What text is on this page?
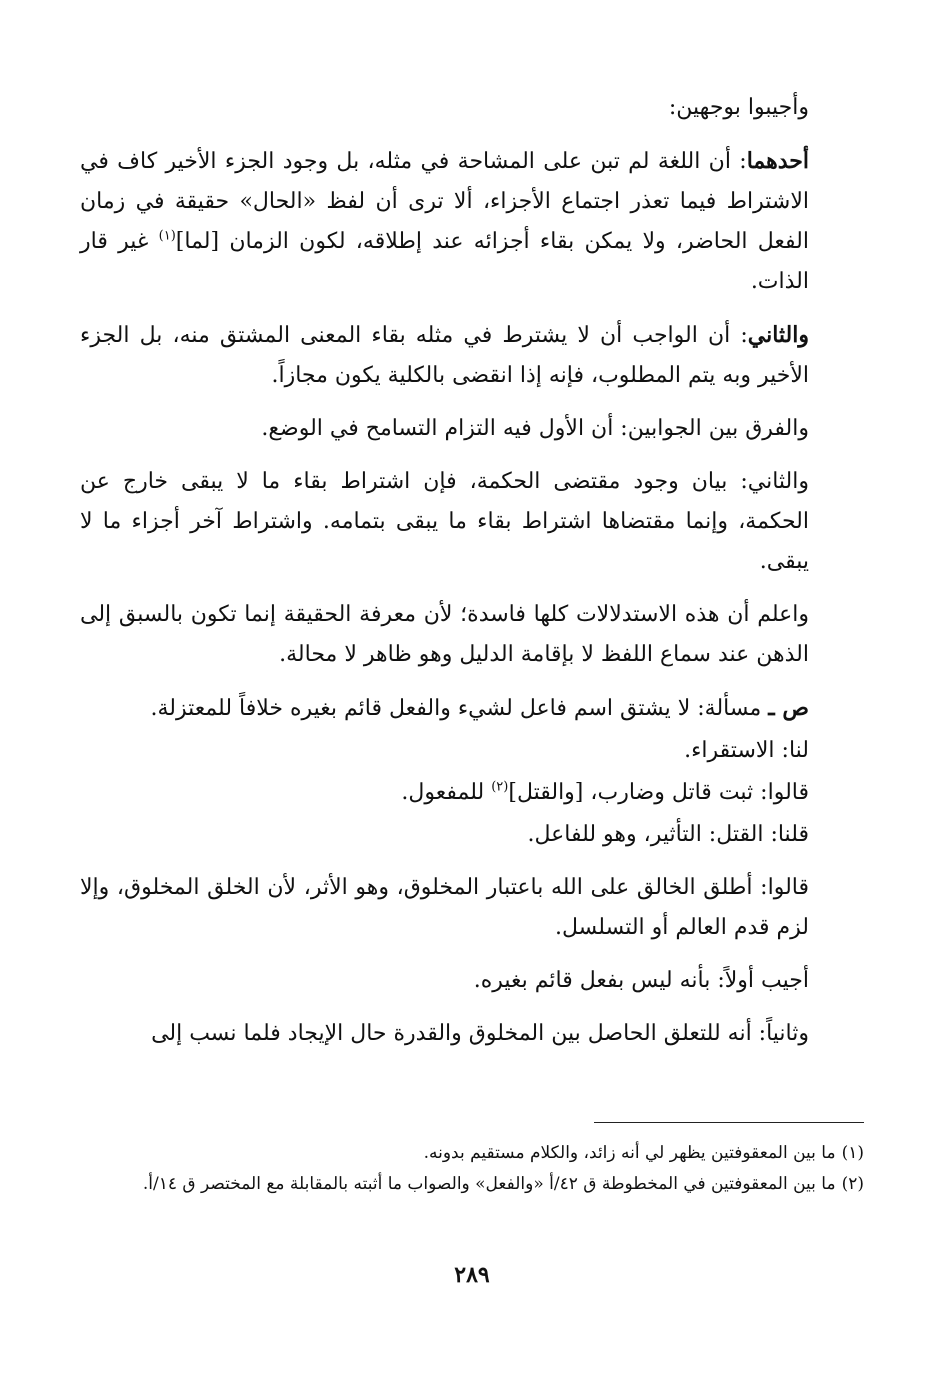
وأجيبوا بوجهين:

أحدهما: أن اللغة لم تبن على المشاحة في مثله، بل وجود الجزء الأخير كاف في الاشتراط فيما تعذر اجتماع الأجزاء، ألا ترى أن لفظ «الحال» حقيقة في زمان الفعل الحاضر، ولا يمكن بقاء أجزائه عند إطلاقه، لكون الزمان [لما]$^{(١)}$ غير قار الذات.

والثاني: أن الواجب أن لا يشترط في مثله بقاء المعنى المشتق منه، بل الجزء الأخير وبه يتم المطلوب، فإنه إذا انقضى بالكلية يكون مجازاً.

والفرق بين الجوابين: أن الأول فيه التزام التسامح في الوضع.

والثاني: بيان وجود مقتضى الحكمة، فإن اشتراط بقاء ما لا يبقى خارج عن الحكمة، وإنما مقتضاها اشتراط بقاء ما يبقى بتمامه. واشتراط آخر أجزاء ما لا يبقى.

واعلم أن هذه الاستدلالات كلها فاسدة؛ لأن معرفة الحقيقة إنما تكون بالسبق إلى الذهن عند سماع اللفظ لا بإقامة الدليل وهو ظاهر لا محالة.

ص ـ مسألة: لا يشتق اسم فاعل لشيء والفعل قائم بغيره خلافاً للمعتزلة.

لنا: الاستقراء.

قالوا: ثبت قاتل وضارب، [والقتل]$^{(٢)}$ للمفعول.

قلنا: القتل: التأثير، وهو للفاعل.

قالوا: أطلق الخالق على الله باعتبار المخلوق، وهو الأثر، لأن الخلق المخلوق، وإلا لزم قدم العالم أو التسلسل.

أجيب أولاً: بأنه ليس بفعل قائم بغيره.

وثانياً: أنه للتعلق الحاصل بين المخلوق والقدرة حال الإيجاد فلما نسب إلى

(١)ما بين المعقوفتين يظهر لي أنه زائد، والكلام مستقيم بدونه.

(٢)ما بين المعقوفتين في المخطوطة ق ٤٢/أ «والفعل» والصواب ما أثبته بالمقابلة مع المختصر ق ١٤/أ.

٢٨٩
